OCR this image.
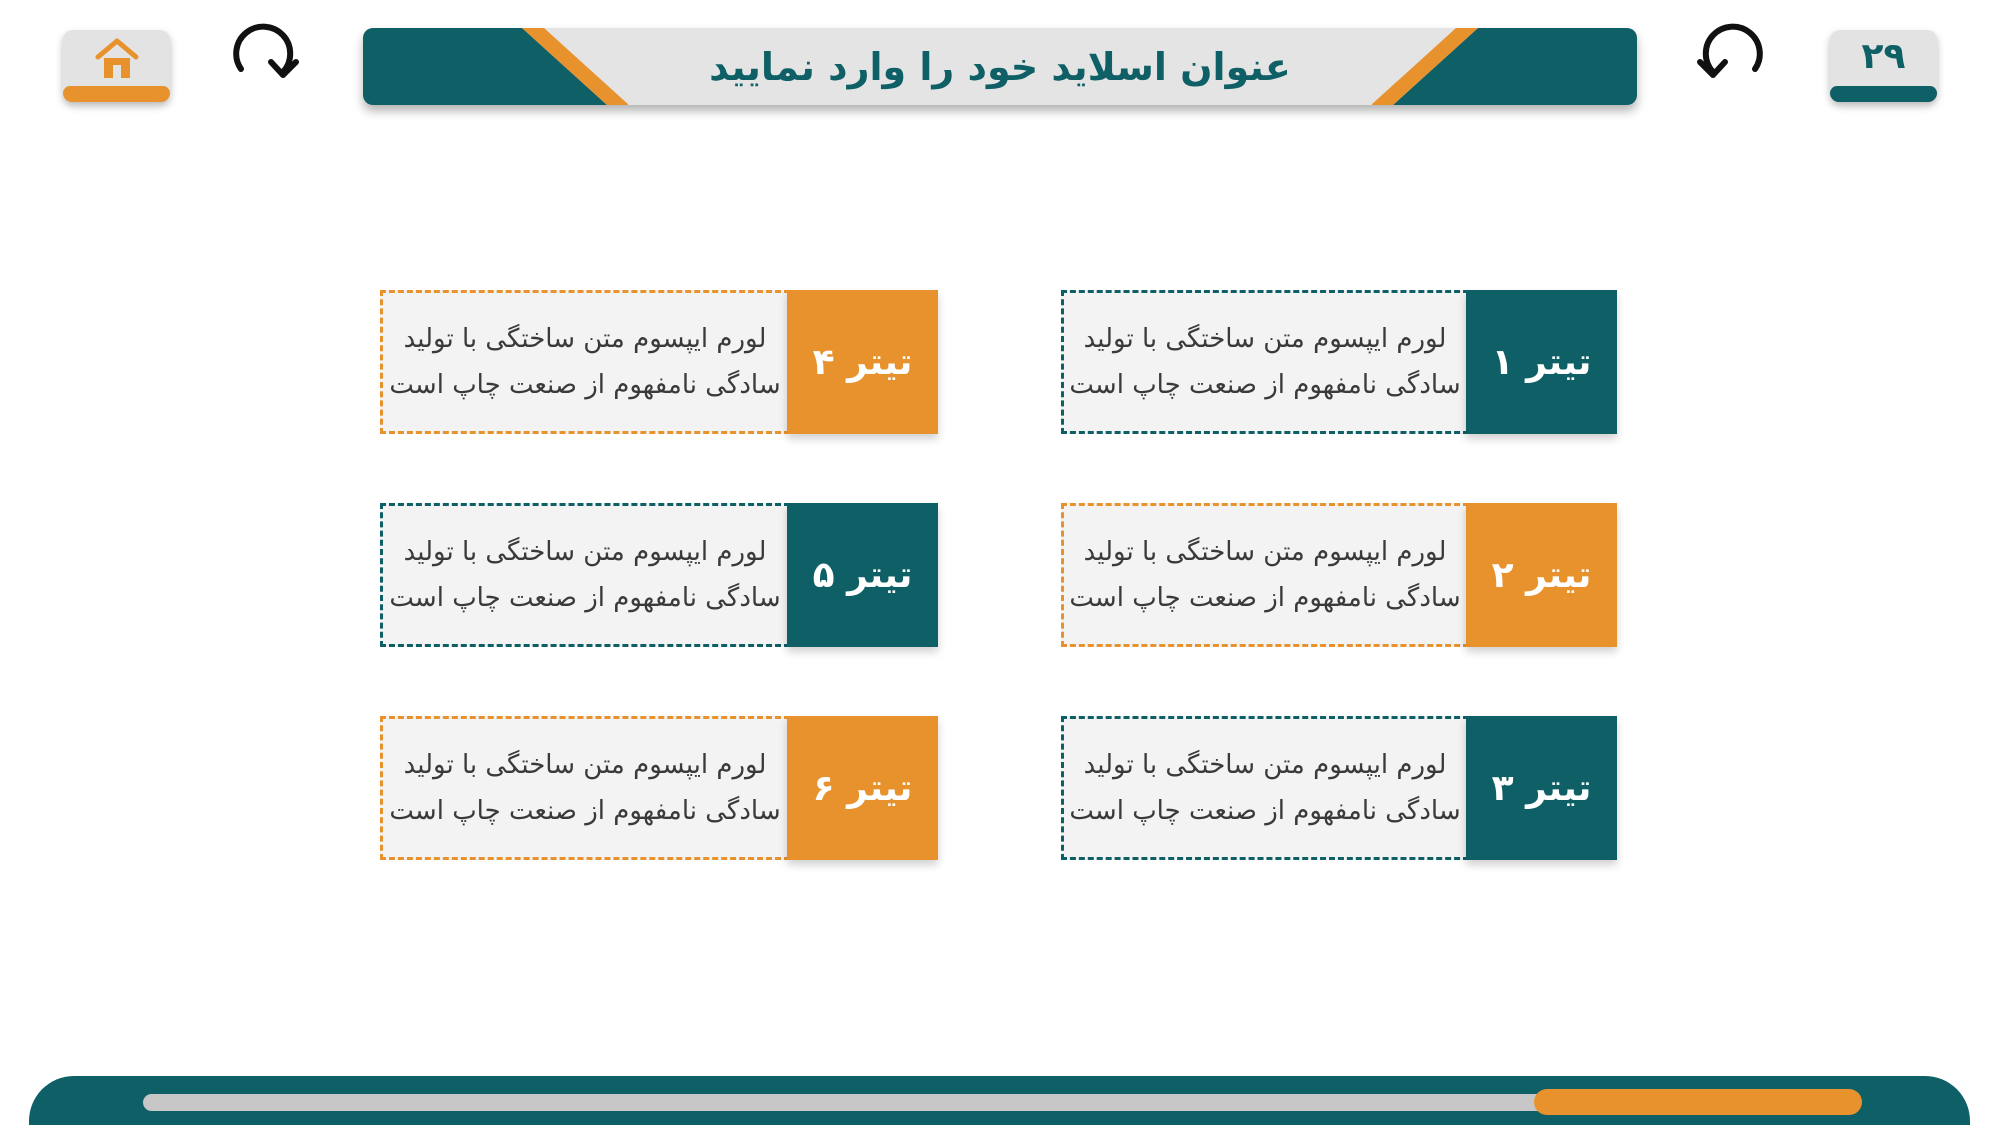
عنوان اسلاید خود را وارد نمایید	۲۹
تیتر ۱
لورم ایپسوم متن ساختگی با تولید
سادگی نامفهوم از صنعت چاپ است
تیتر ۲
لورم ایپسوم متن ساختگی با تولید
سادگی نامفهوم از صنعت چاپ است
تیتر ۳
لورم ایپسوم متن ساختگی با تولید
سادگی نامفهوم از صنعت چاپ است
تیتر ۴
لورم ایپسوم متن ساختگی با تولید
سادگی نامفهوم از صنعت چاپ است
تیتر ۵
لورم ایپسوم متن ساختگی با تولید
سادگی نامفهوم از صنعت چاپ است
تیتر ۶
لورم ایپسوم متن ساختگی با تولید
سادگی نامفهوم از صنعت چاپ است
